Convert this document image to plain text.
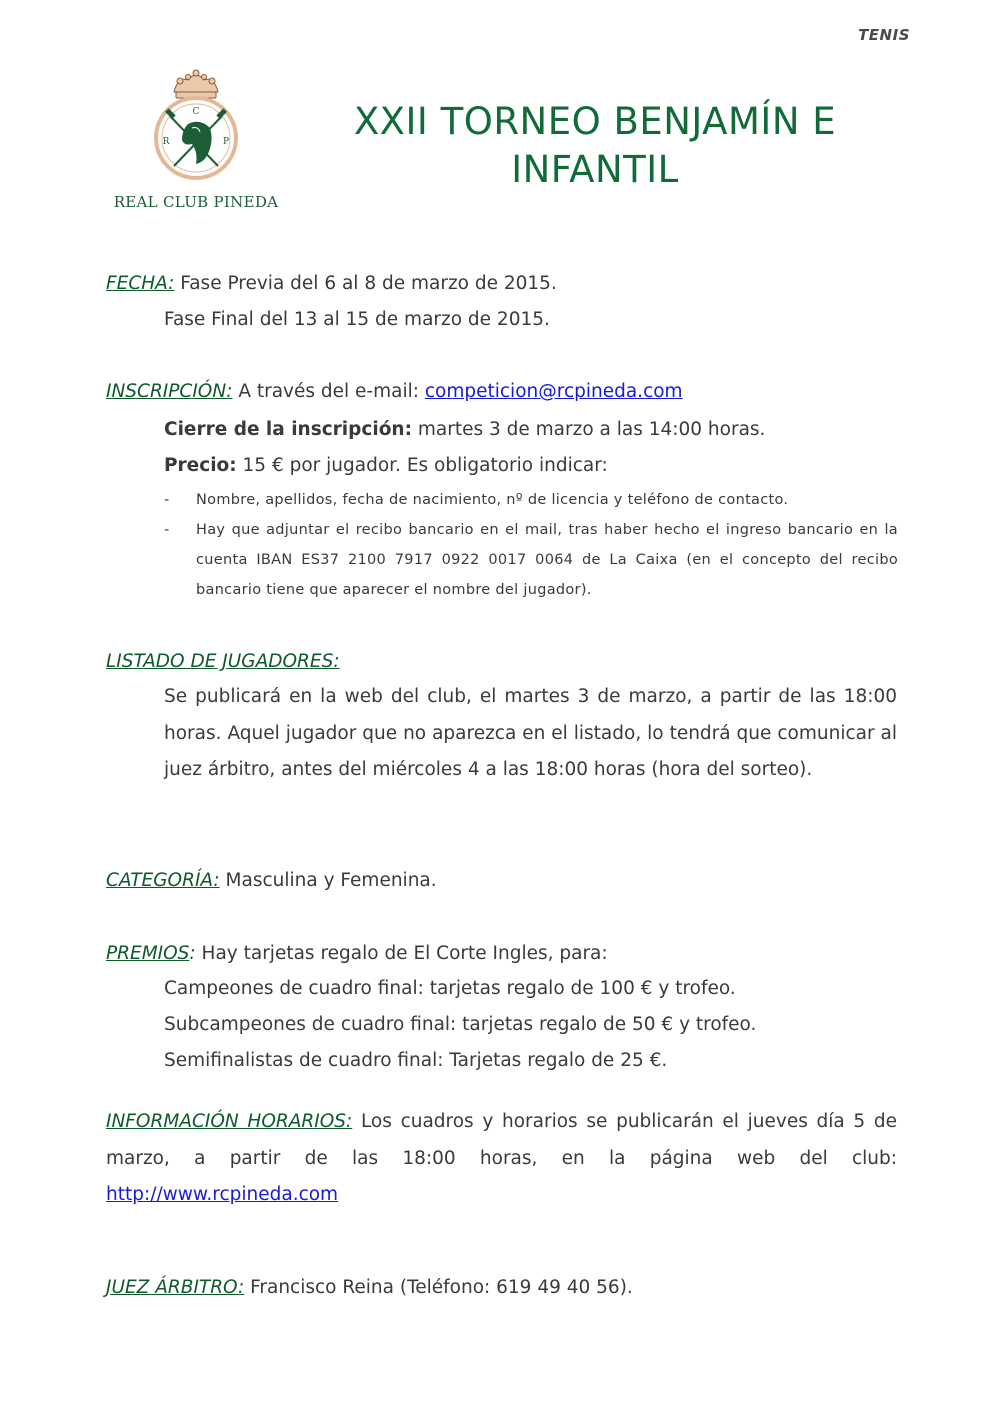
TENIS
C
R	P
REAL CLUB PINEDA
XXII TORNEO BENJAMÍN E
INFANTIL
FECHA: Fase Previa del 6 al 8 de marzo de 2015.
Fase Final del 13 al 15 de marzo de 2015.
INSCRIPCIÓN: A través del e-mail: competicion@rcpineda.com
Cierre de la inscripción: martes 3 de marzo a las 14:00 horas.
Precio: 15 € por jugador. Es obligatorio indicar:
- Nombre, apellidos, fecha de nacimiento, nº de licencia y teléfono de contacto.
- Hay que adjuntar el recibo bancario en el mail, tras haber hecho el ingreso bancario en la cuenta IBAN ES37 2100 7917 0922 0017 0064 de La Caixa (en el concepto del recibo bancario tiene que aparecer el nombre del jugador).
LISTADO DE JUGADORES:
Se publicará en la web del club, el martes 3 de marzo, a partir de las 18:00 horas. Aquel jugador que no aparezca en el listado, lo tendrá que comunicar al juez árbitro, antes del miércoles 4 a las 18:00 horas (hora del sorteo).
CATEGORÍA: Masculina y Femenina.
PREMIOS: Hay tarjetas regalo de El Corte Ingles, para:
Campeones de cuadro final: tarjetas regalo de 100 € y trofeo.
Subcampeones de cuadro final: tarjetas regalo de 50 € y trofeo.
Semifinalistas de cuadro final: Tarjetas regalo de 25 €.
INFORMACIÓN HORARIOS: Los cuadros y horarios se publicarán el jueves día 5 de marzo, a partir de las 18:00 horas, en la página web del club: http://www.rcpineda.com
JUEZ ÁRBITRO: Francisco Reina (Teléfono: 619 49 40 56).
